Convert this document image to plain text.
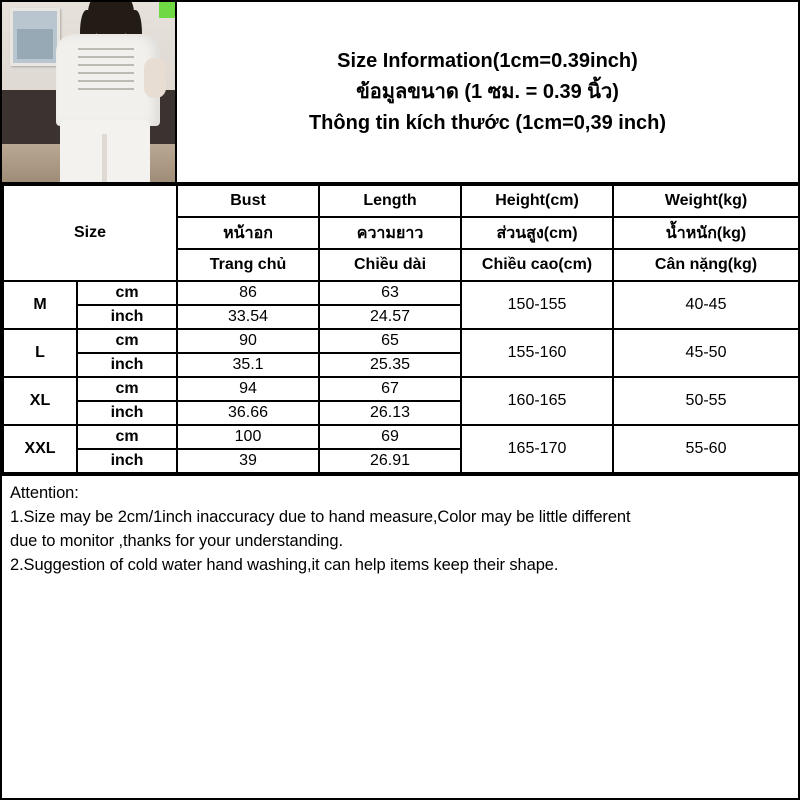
Size Information(1cm=0.39inch)
ข้อมูลขนาด (1 ซม. = 0.39 นิ้ว)
Thông tin kích thước (1cm=0,39 inch)
Size		Bust	Length	Height(cm)	Weight(kg)
		หน้าอก	ความยาว	ส่วนสูง(cm)	น้ำหนัก(kg)
		Trang chủ	Chiều dài	Chiều cao(cm)	Cân nặng(kg)
M	cm	86	63	150-155	40-45
	inch	33.54	24.57		
L	cm	90	65	155-160	45-50
	inch	35.1	25.35		
XL	cm	94	67	160-165	50-55
	inch	36.66	26.13		
XXL	cm	100	69	165-170	55-60
	inch	39	26.91		

Attention:

1.Size may be 2cm/1inch inaccuracy due to hand measure,Color may be little different

due to monitor ,thanks for your understanding.

2.Suggestion of cold water hand washing,it can help items keep their shape.
